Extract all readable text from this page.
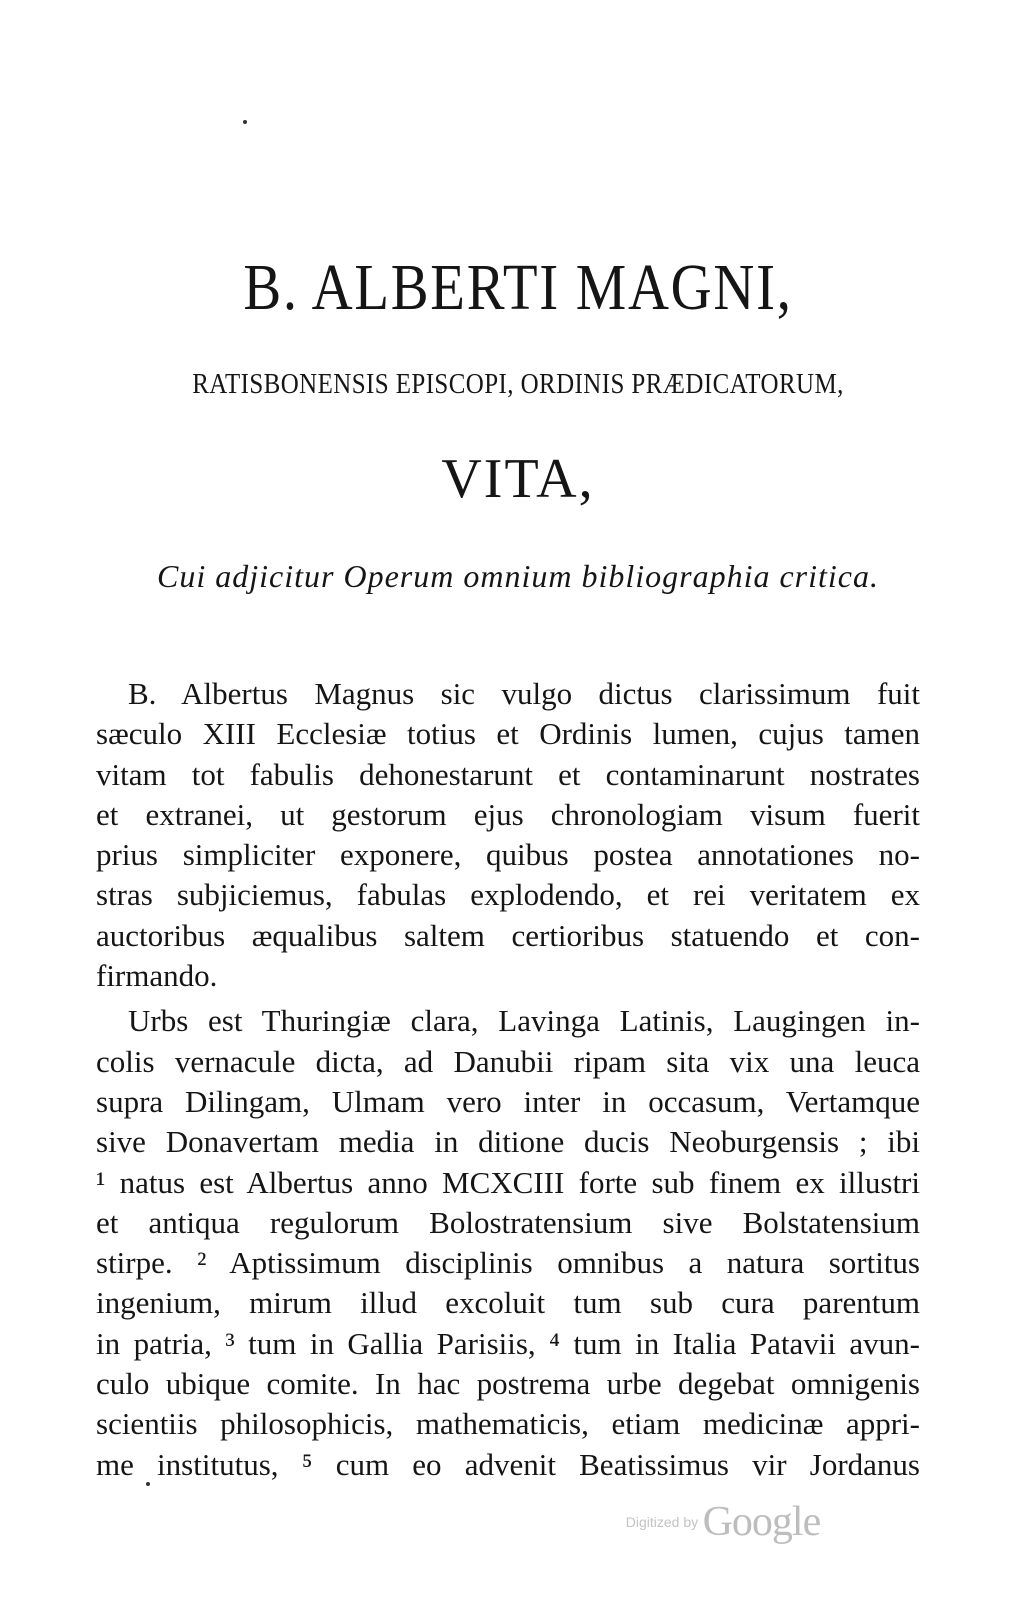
B. ALBERTI MAGNI,
RATISBONENSIS EPISCOPI, ORDINIS PRÆDICATORUM,
VITA,
Cui adjicitur Operum omnium bibliographia critica.
B. Albertus Magnus sic vulgo dictus clarissimum fuit
sæculo XIII Ecclesiæ totius et Ordinis lumen, cujus tamen
vitam tot fabulis dehonestarunt et contaminarunt nostrates
et extranei, ut gestorum ejus chronologiam visum fuerit
prius simpliciter exponere, quibus postea annotationes no-
stras subjiciemus, fabulas explodendo, et rei veritatem ex
auctoribus æqualibus saltem certioribus statuendo et con-
firmando.
Urbs est Thuringiæ clara, Lavinga Latinis, Laugingen in-
colis vernacule dicta, ad Danubii ripam sita vix una leuca
supra Dilingam, Ulmam vero inter in occasum, Vertamque
sive Donavertam media in ditione ducis Neoburgensis ; ibi
¹ natus est Albertus anno MCXCIII forte sub finem ex illustri
et antiqua regulorum Bolostratensium sive Bolstatensium
stirpe. ² Aptissimum disciplinis omnibus a natura sortitus
ingenium, mirum illud excoluit tum sub cura parentum
in patria, ³ tum in Gallia Parisiis, ⁴ tum in Italia Patavii avun-
culo ubique comite. In hac postrema urbe degebat omnigenis
scientiis philosophicis, mathematicis, etiam medicinæ appri-
me institutus, ⁵ cum eo advenit Beatissimus vir Jordanus
Digitized by Google
